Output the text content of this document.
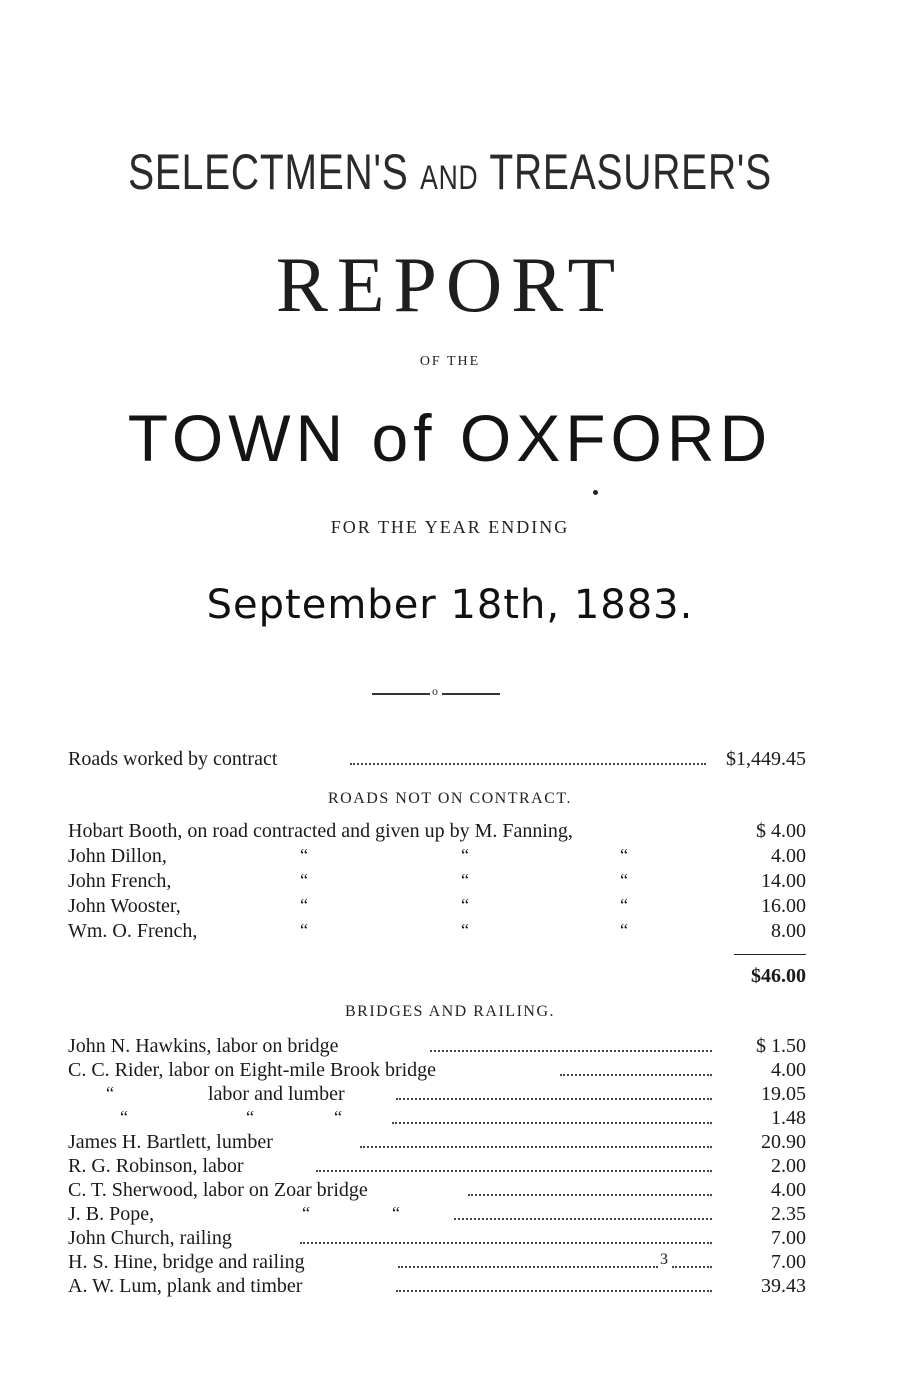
SELECTMEN'S AND TREASURER'S
REPORT
OF THE
TOWN of OXFORD
FOR THE YEAR ENDING
September 18th, 1883.
o
Roads worked by contract	$1,449.45
ROADS NOT ON CONTRACT.
Hobart Booth, on road contracted and given up by M. Fanning,	$ 4.00
John Dillon,	“	“	“	4.00
John French,	“	“	“	14.00
John Wooster,	“	“	“	16.00
Wm. O. French,	“	“	“	8.00
$46.00
BRIDGES AND RAILING.
John N. Hawkins, labor on bridge	$ 1.50
C. C. Rider, labor on Eight-mile Brook bridge	4.00
“	labor and lumber	19.05
“	“	“	1.48
James H. Bartlett, lumber	20.90
R. G. Robinson, labor	2.00
C. T. Sherwood, labor on Zoar bridge	4.00
J. B. Pope,	“	“	2.35
John Church, railing	7.00
H. S. Hine, bridge and railing	3	7.00
A. W. Lum, plank and timber	39.43
